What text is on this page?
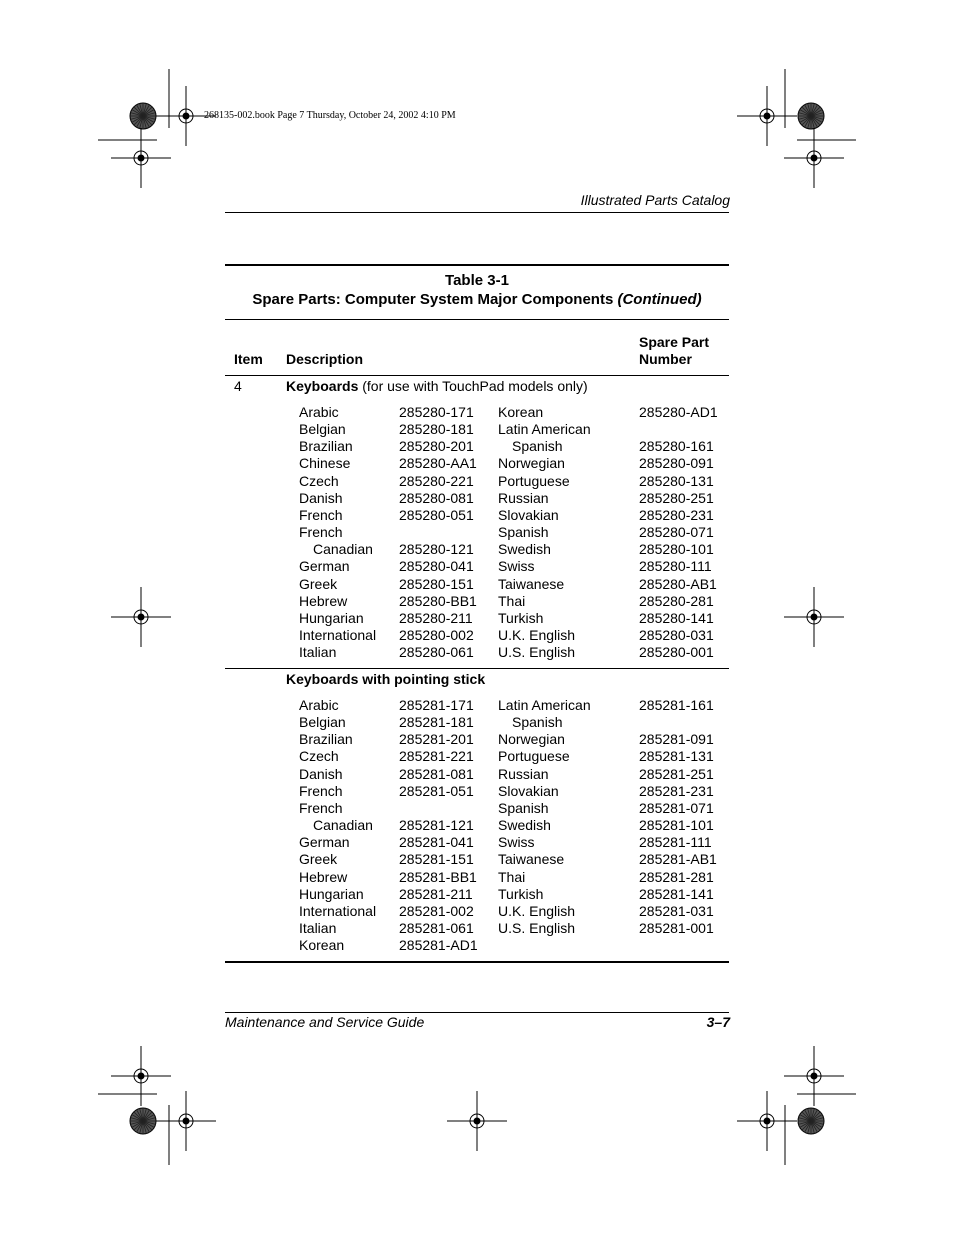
268135-002.book Page 7 Thursday, October 24, 2002 4:10 PM
Illustrated Parts Catalog
Table 3-1
Spare Parts: Computer System Major Components (Continued)
Item Description
Spare Part
Number
4	Keyboards (for use with TouchPad models only)
Arabic	285280-171
Belgian	285280-181
Brazilian	285280-201
Chinese	285280-AA1
Czech	285280-221
Danish	285280-081
French	285280-051
French
Canadian 285280-121
German	285280-041
Greek	285280-151
Hebrew	285280-BB1
Hungarian	285280-211
International 285280-002
Italian	285280-061
Korean	285280-AD1
Latin American
Spanish	285280-161
Norwegian	285280-091
Portuguese	285280-131
Russian	285280-251
Slovakian	285280-231
Spanish	285280-071
Swedish	285280-101
Swiss	285280-111
Taiwanese	285280-AB1
Thai	285280-281
Turkish	285280-141
U.K. English	285280-031
U.S. English	285280-001
Keyboards with pointing stick
Arabic	285281-171
Belgian	285281-181
Brazilian	285281-201
Czech	285281-221
Danish	285281-081
French	285281-051
French
Canadian 285281-121
German	285281-041
Greek	285281-151
Hebrew	285281-BB1
Hungarian	285281-211
International 285281-002
Italian	285281-061
Korean	285281-AD1
Latin American	285281-161
Spanish
Norwegian	285281-091
Portuguese	285281-131
Russian	285281-251
Slovakian	285281-231
Spanish	285281-071
Swedish	285281-101
Swiss	285281-111
Taiwanese	285281-AB1
Thai	285281-281
Turkish	285281-141
U.K. English	285281-031
U.S. English	285281-001
Maintenance and Service Guide	3–7
